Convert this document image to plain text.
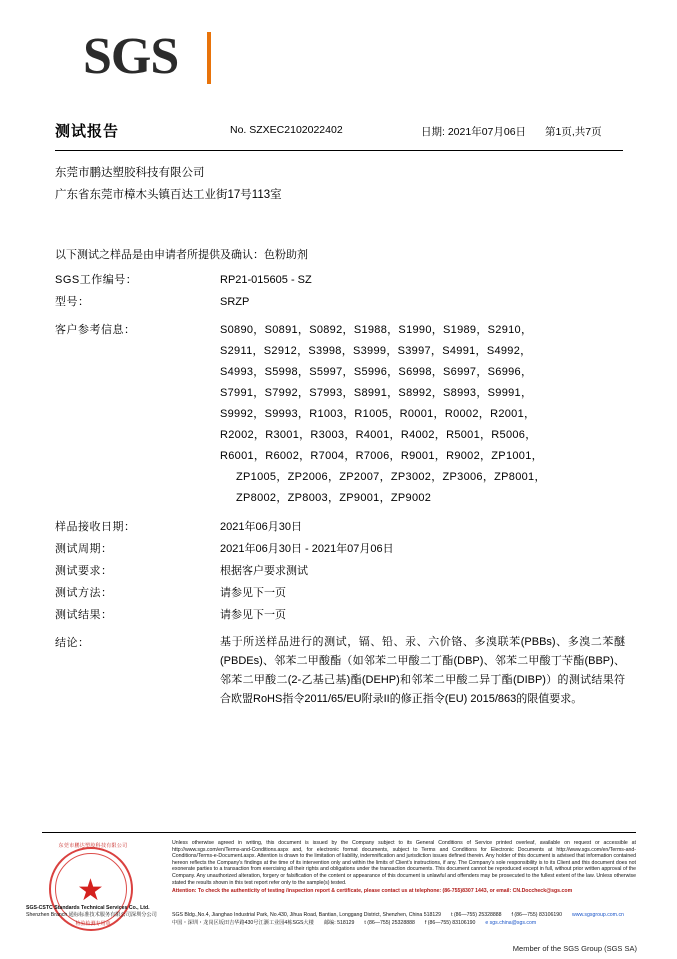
SGS
测试报告	No. SZXEC2102022402	日期: 2021年07月06日 第1页,共7页
东莞市鹏达塑胶科技有限公司
广东省东莞市樟木头镇百达工业街17号113室
以下测试之样品是由申请者所提供及确认：色粉助剂
SGS工作编号：	RP21-015605 - SZ
型号：	SRZP
客户参考信息：	S0890，S0891，S0892，S1988，S1990，S1989，S2910，
S2911，S2912，S3998，S3999，S3997，S4991，S4992，
S4993，S5998，S5997，S5996，S6998，S6997，S6996，
S7991，S7992，S7993，S8991，S8992，S8993，S9991，
S9992，S9993，R1003，R1005，R0001，R0002，R2001，
R2002，R3001，R3003，R4001，R4002，R5001，R5006，
R6001，R6002，R7004，R7006，R9001，R9002，ZP1001，
ZP1005，ZP2006，ZP2007，ZP3002，ZP3006，ZP8001，
ZP8002，ZP8003，ZP9001，ZP9002
样品接收日期：	2021年06月30日
测试周期：	2021年06月30日 - 2021年07月06日
测试要求：	根据客户要求测试
测试方法：	请参见下一页
测试结果：	请参见下一页
结论：	基于所送样品进行的测试，镉、铅、汞、六价铬、多溴联苯(PBBs)、多溴二苯醚(PBDEs)、邻苯二甲酸酯（如邻苯二甲酸二丁酯(DBP)、邻苯二甲酸丁苄酯(BBP)、邻苯二甲酸二(2-乙基己基)酯(DEHP)和邻苯二甲酸二异丁酯(DIBP)）的测试结果符合欧盟RoHS指令2011/65/EU附录II的修正指令(EU) 2015/863的限值要求。
东莞市鹏达塑胶科技有限公司
★
检验检测专用章
SGS-CSTC Standards Technical Services Co., Ltd.
Shenzhen Branch 通标标准技术服务有限公司深圳分公司
Unless otherwise agreed in writing, this document is issued by the Company subject to its General Conditions of Service printed overleaf, available on request or accessible at http://www.sgs.com/en/Terms-and-Conditions.aspx and, for electronic format documents, subject to Terms and Conditions for Electronic Documents at http://www.sgs.com/en/Terms-and-Conditions/Terms-e-Document.aspx. Attention is drawn to the limitation of liability, indemnification and jurisdiction issues defined therein. Any holder of this document is advised that information contained hereon reflects the Company's findings at the time of its intervention only and within the limits of Client's instructions, if any. The Company's sole responsibility is to its Client and this document does not exonerate parties to a transaction from exercising all their rights and obligations under the transaction documents. This document cannot be reproduced except in full, without prior written approval of the Company. Any unauthorized alteration, forgery or falsification of the content or appearance of this document is unlawful and offenders may be prosecuted to the fullest extent of the law. Unless otherwise stated the results shown in this test report refer only to the sample(s) tested.
Attention: To check the authenticity of testing /inspection report & certificate, please contact us at telephone: (86-755)8307 1443, or email: CN.Doccheck@sgs.com
SGS Bldg.,No.4, Jianghao Industrial Park, No.430, Jihua Road, Bantian, Longgang District, Shenzhen, China 518129 t (86—755) 25328888 f (86—755) 83106190 www.sgsgroup.com.cn
中国・深圳・龙岗区坂田吉华路430号江灏工业园4栋SGS大楼 邮编: 518129 t (86—755) 25328888 f (86—755) 83106190 e sgs.china@sgs.com
Member of the SGS Group (SGS SA)
